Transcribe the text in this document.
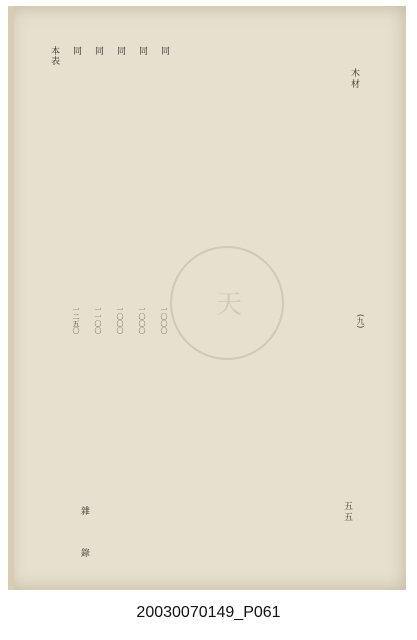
天
木材
本表 同
一二五〇
同
一一〇〇
同
一〇〇〇
同
一〇〇〇
同
一〇〇〇	(九)
雜　錄	五五
20030070149_P061
